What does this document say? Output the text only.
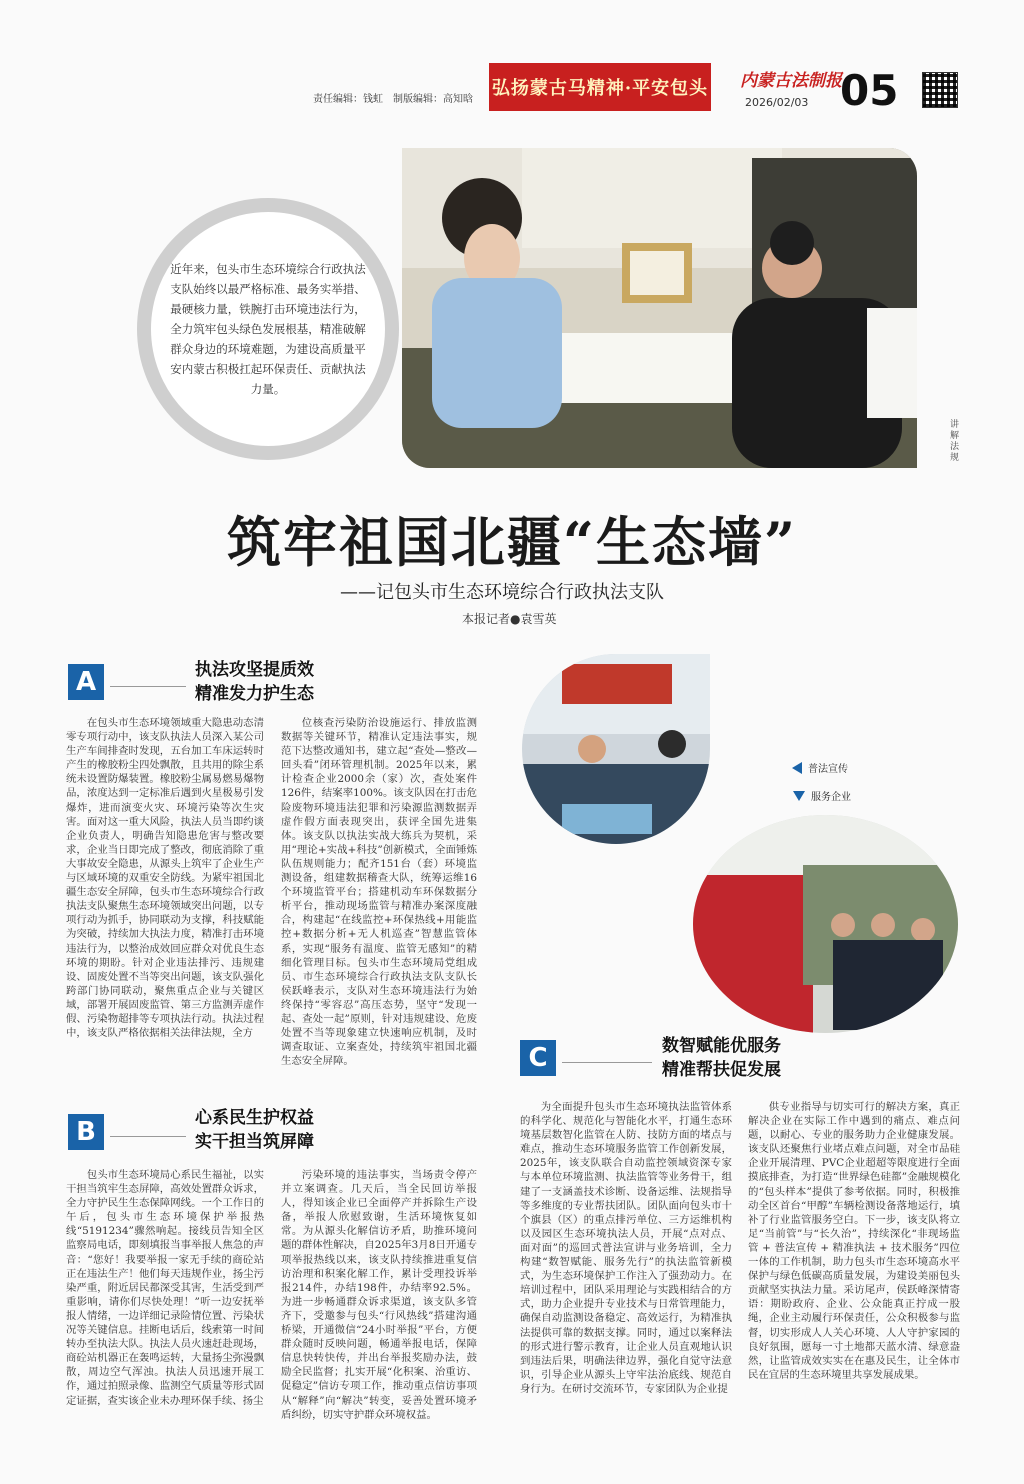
责任编辑：钱虹　制版编辑：高知晗
弘扬蒙古马精神·平安包头 内蒙古法制报
2026/02/03 05
近年来，包头市生态环境综合行政执法支队始终以最严格标准、最务实举措、最硬核力量，铁腕打击环境违法行为，全力筑牢包头绿色发展根基，精准破解群众身边的环境难题，为建设高质量平安内蒙古积极扛起环保责任、贡献执法力量。
讲解法规
筑牢祖国北疆“生态墙”
——记包头市生态环境综合行政执法支队
本报记者●袁雪英
A	执法攻坚提质效
精准发力护生态
在包头市生态环境领域重大隐患动态清零专项行动中，该支队执法人员深入某公司生产车间排查时发现，五台加工车床运转时产生的橡胶粉尘四处飘散，且共用的除尘系统未设置防爆装置。橡胶粉尘属易燃易爆物品，浓度达到一定标准后遇到火星极易引发爆炸，进而演变火灾、环境污染等次生灾害。面对这一重大风险，执法人员当即约谈企业负责人，明确告知隐患危害与整改要求，企业当日即完成了整改，彻底消除了重大事故安全隐患，从源头上筑牢了企业生产与区域环境的双重安全防线。为紧牢祖国北疆生态安全屏障，包头市生态环境综合行政执法支队聚焦生态环境领域突出问题，以专项行动为抓手，协同联动为支撑，科技赋能为突破，持续加大执法力度，精准打击环境违法行为，以整治成效回应群众对优良生态环境的期盼。针对企业违法排污、违规建设、固废处置不当等突出问题，该支队强化跨部门协同联动，聚焦重点企业与关键区域，部署开展固废监管、第三方监测弄虚作假、污染物超排等专项执法行动。执法过程中，该支队严格依据相关法律法规，全方
位核查污染防治设施运行、排放监测数据等关键环节，精准认定违法事实，规范下达整改通知书，建立起“查处—整改—回头看”闭环管理机制。2025年以来，累计检查企业2000余（家）次，查处案件126件，结案率100%。该支队因在打击危险废物环境违法犯罪和污染源监测数据弄虚作假方面表现突出，获评全国先进集体。该支队以执法实战大练兵为契机，采用“理论+实战+科技”创新模式，全面锤炼队伍规则能力；配齐151台（套）环境监测设备，组建数据稽查大队，统筹运维16个环境监管平台；搭建机动车环保数据分析平台，推动现场监管与精准办案深度融合，构建起“在线监控+环保热线+用能监控+数据分析+无人机巡查”智慧监管体系，实现“服务有温度、监管无感知”的精细化管理目标。包头市生态环境局党组成员、市生态环境综合行政执法支队支队长侯跃峰表示，支队对生态环境违法行为始终保持“零容忍”高压态势，坚守“发现一起、查处一起”原则，针对违规建设、危废处置不当等现象建立快速响应机制，及时调查取证、立案查处，持续筑牢祖国北疆生态安全屏障。
普法宣传
服务企业
C	数智赋能优服务
精准帮扶促发展
为全面提升包头市生态环境执法监管体系的科学化、规范化与智能化水平，打通生态环境基层数智化监管在人防、技防方面的堵点与难点，推动生态环境服务监管工作创新发展，2025年，该支队联合自动监控领域资深专家与本单位环境监测、执法监管等业务骨干，组建了一支涵盖技术诊断、设备运维、法规指导等多维度的专业帮扶团队。团队面向包头市十个旗县（区）的重点排污单位、三方运维机构以及园区生态环境执法人员，开展“点对点、面对面”的巡回式普法宣讲与业务培训，全力构建“数智赋能、服务先行”的执法监管新模式，为生态环境保护工作注入了强劲动力。在培训过程中，团队采用理论与实践相结合的方式，助力企业提升专业技术与日常管理能力，确保自动监测设备稳定、高效运行，为精准执法提供可靠的数据支撑。同时，通过以案释法的形式进行警示教育，让企业人员直观地认识到违法后果，明确法律边界，强化自觉守法意识，引导企业从源头上守牢法治底线、规范自身行为。在研讨交流环节，专家团队为企业提
供专业指导与切实可行的解决方案，真正解决企业在实际工作中遇到的痛点、难点问题，以耐心、专业的服务助力企业健康发展。该支队还聚焦行业堵点难点问题，对全市品硅企业开展清理、PVC企业超超等限度进行全面摸底排查，为打造“世界绿色硅都”金融规模化的“包头样本”提供了参考依据。同时，积极推动全区首台“甲醇”车辆检测设备落地运行，填补了行业监管服务空白。下一步，该支队将立足“当前管”与“长久治”，持续深化“非现场监管 + 普法宣传 + 精准执法 + 技术服务”四位一体的工作机制，助力包头市生态环境高水平保护与绿色低碳高质量发展，为建设美丽包头贡献坚实执法力量。采访尾声，侯跃峰深情寄语：期盼政府、企业、公众能真正拧成一股绳，企业主动履行环保责任，公众积极参与监督，切实形成人人关心环境、人人守护家园的良好氛围，愿每一寸土地都天蓝水清、绿意盎然，让监管成效实实在在惠及民生，让全体市民在宜居的生态环境里共享发展成果。
B	心系民生护权益
实干担当筑屏障
包头市生态环境局心系民生福祉，以实干担当筑牢生态屏障，高效处置群众诉求，全力守护民生生态保障网线。一个工作日的午后，包头市生态环境保护举报热线“5191234”骤然响起。接线员告知全区监察局电话，即刻填报当事举报人焦急的声音：“您好！我要举报一家无手续的商砼站正在违法生产！他们每天违规作业，扬尘污染严重，附近居民都深受其害，生活受到严重影响，请你们尽快处理！”听一边安抚举报人情绪，一边详细记录险情位置、污染状况等关键信息。挂断电话后，线索第一时间转办至执法大队。执法人员火速赶赴现场，商砼站机器正在轰鸣运转，大量扬尘弥漫飘散，周边空气浑浊。执法人员迅速开展工作，通过拍照录像、监测空气质量等形式固定证据，查实该企业未办理环保手续、扬尘
污染环境的违法事实，当场责令停产并立案调查。几天后，当全民回访举报人，得知该企业已全面停产并拆除生产设备，举报人欣慰致谢，生活环境恢复如常。为从源头化解信访矛盾，助推环境问题的群体性解决，自2025年3月8日开通专项举报热线以来，该支队持续推进重复信访治理和积案化解工作，累计受理投诉举报214件，办结198件，办结率92.5%。为进一步畅通群众诉求渠道，该支队多管齐下，受邀参与包头“行风热线”搭建沟通桥梁，开通微信“24小时举报”平台，方便群众随时反映问题，畅通举报电话，保障信息快转快传，并出台举报奖励办法，鼓励全民监督；扎实开展“化积案、治重访、促稳定”信访专项工作，推动重点信访事项从“解释”向“解决”转变，妥善处置环境矛盾纠纷，切实守护群众环境权益。
